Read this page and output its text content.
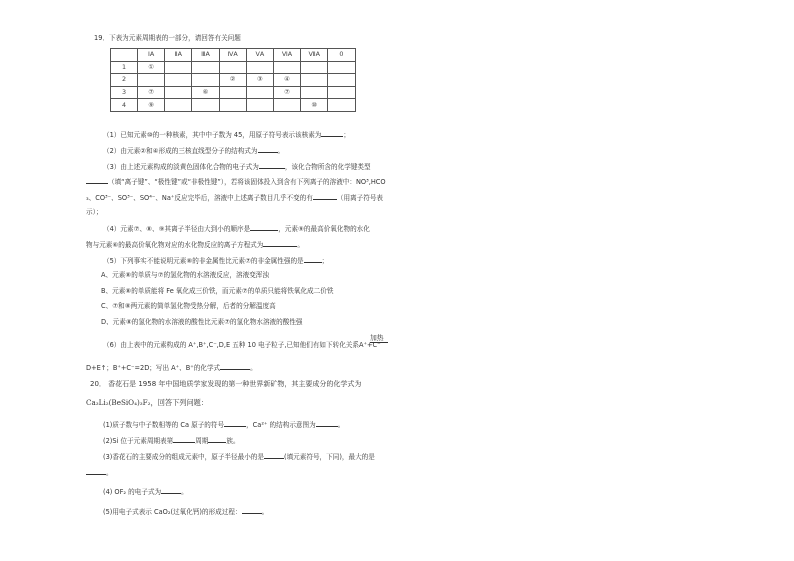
19．下表为元素周期表的一部分，请回答有关问题
	ⅠA	ⅡA	ⅢA	ⅣA	ⅤA	ⅥA	ⅦA	0
1	①							
2				②	③	④		
3	⑦		⑥			⑦		
4	⑨						⑩	
（1）已知元素⑩的一种核素，其中中子数为 45，用原子符号表示该核素为	；
（2）由元素②和④形成的三核直线型分子的结构式为	。
（3）由上述元素构成的淡黄色固体化合物的电子式为	，该化合物所含的化学键类型
（填“离子键”、“极性键”或“非极性键”），若将该固体投入到含有下列离子的溶液中：NO³,HCO
₃、CO³⁻、SO³⁻、SO⁴⁻、Na⁺反应完毕后，溶液中上述离子数目几乎不变的有	（用离子符号表
示）；
（4）元素⑦、⑧、⑨其离子半径由大到小的顺序是	，元素⑨的最高价氧化物的水化
物与元素⑥的最高价氧化物对应的水化物反应的离子方程式为	。
（5）下列事实不能说明元素⑧的非金属性比元素⑦的非金属性强的是	；
A、元素⑧的单质与⑦的氢化物的水溶液反应，溶液变浑浊
B、元素⑧的单质能将 Fe 氧化成三价铁，而元素⑦的单质只能将铁氧化成二价铁
C、⑦和⑧两元素的简单氢化物受热分解，后者的分解温度高
D、元素⑧的氢化物的水溶液的酸性比元素⑦的氢化物水溶液的酸性强
（6）由上表中的元素构成的 A⁺,B⁺,C⁻,D,E 五种 10 电子粒子,已知他们有如下转化关系A⁺+C⁻
加热
D+E↑；B⁺+C⁻=2D；写出 A⁺、B⁺的化学式	。
20． 香花石是 1958 年中国地质学家发现的第一种世界新矿物，其主要成分的化学式为
Ca₃Li₂(BeSiO₄)₃F₂，回答下列问题：
(1)质子数与中子数相等的 Ca 原子的符号	，Ca²⁺ 的结构示意图为	。
(2)Si 位于元素周期表第	周期	族。
(3)香花石的主要成分的组成元素中，原子半径最小的是	(填元素符号，下同)，最大的是
。
(4) OF₂ 的电子式为	。
(5)用电子式表示 CaO₂(过氧化钙)的形成过程：	。
